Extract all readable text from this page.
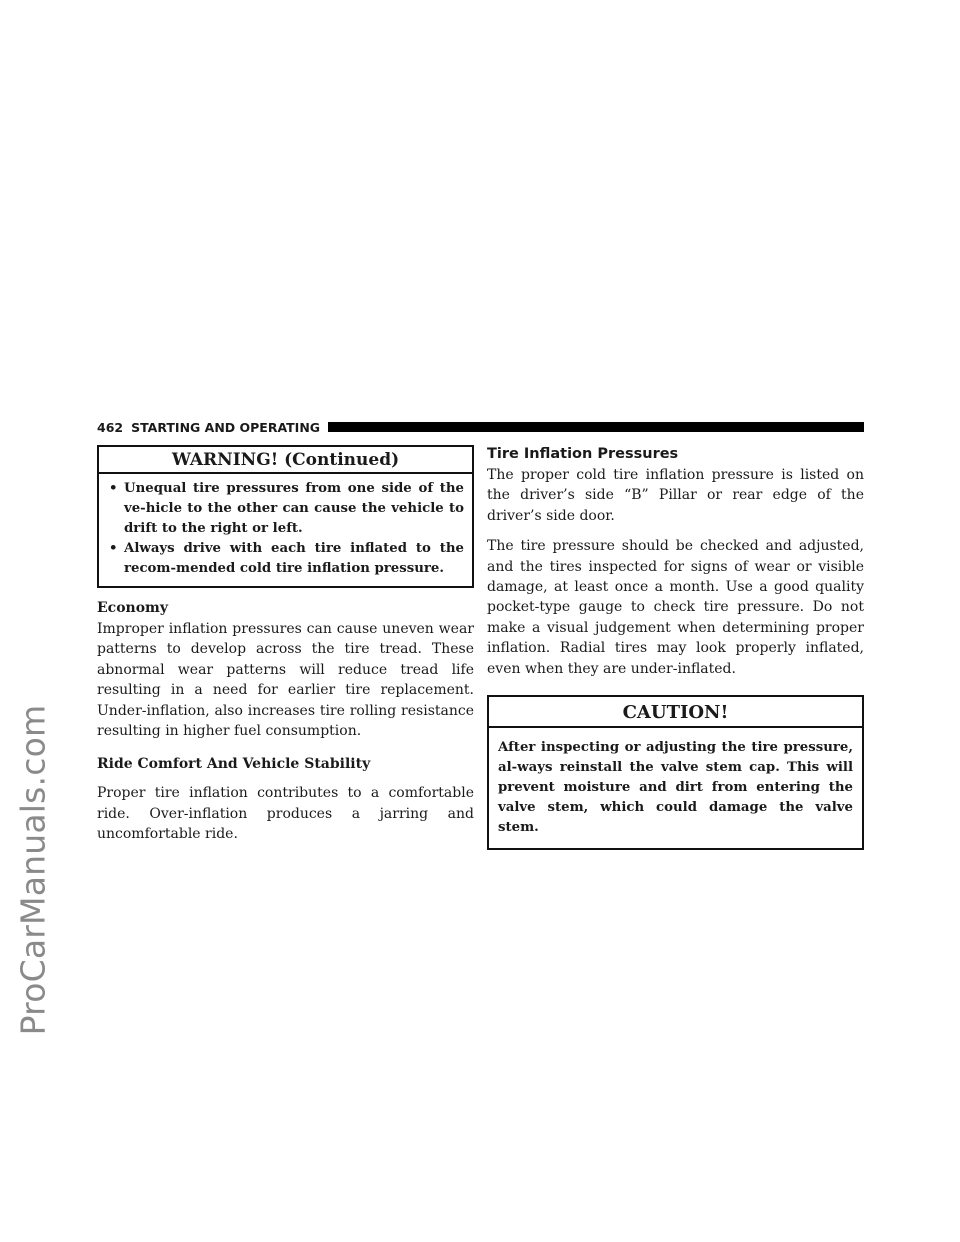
ProCarManuals.com
462 STARTING AND OPERATING
WARNING! (Continued)
• Unequal tire pressures from one side of the ve-hicle to the other can cause the vehicle to drift to the right or left.
• Always drive with each tire inflated to the recom-mended cold tire inflation pressure.
Economy

Improper inflation pressures can cause uneven wear patterns to develop across the tire tread. These abnormal wear patterns will reduce tread life resulting in a need for earlier tire replacement. Under-inflation, also increases tire rolling resistance resulting in higher fuel consumption.

Ride Comfort And Vehicle Stability

Proper tire inflation contributes to a comfortable ride. Over-inflation produces a jarring and uncomfortable ride.

Tire Inflation Pressures

The proper cold tire inflation pressure is listed on the driver’s side “B” Pillar or rear edge of the driver’s side door.

The tire pressure should be checked and adjusted, and the tires inspected for signs of wear or visible damage, at least once a month. Use a good quality pocket-type gauge to check tire pressure. Do not make a visual judgement when determining proper inflation. Radial tires may look properly inflated, even when they are under-inflated.

CAUTION!

After inspecting or adjusting the tire pressure, al-ways reinstall the valve stem cap. This will prevent moisture and dirt from entering the valve stem, which could damage the valve stem.
